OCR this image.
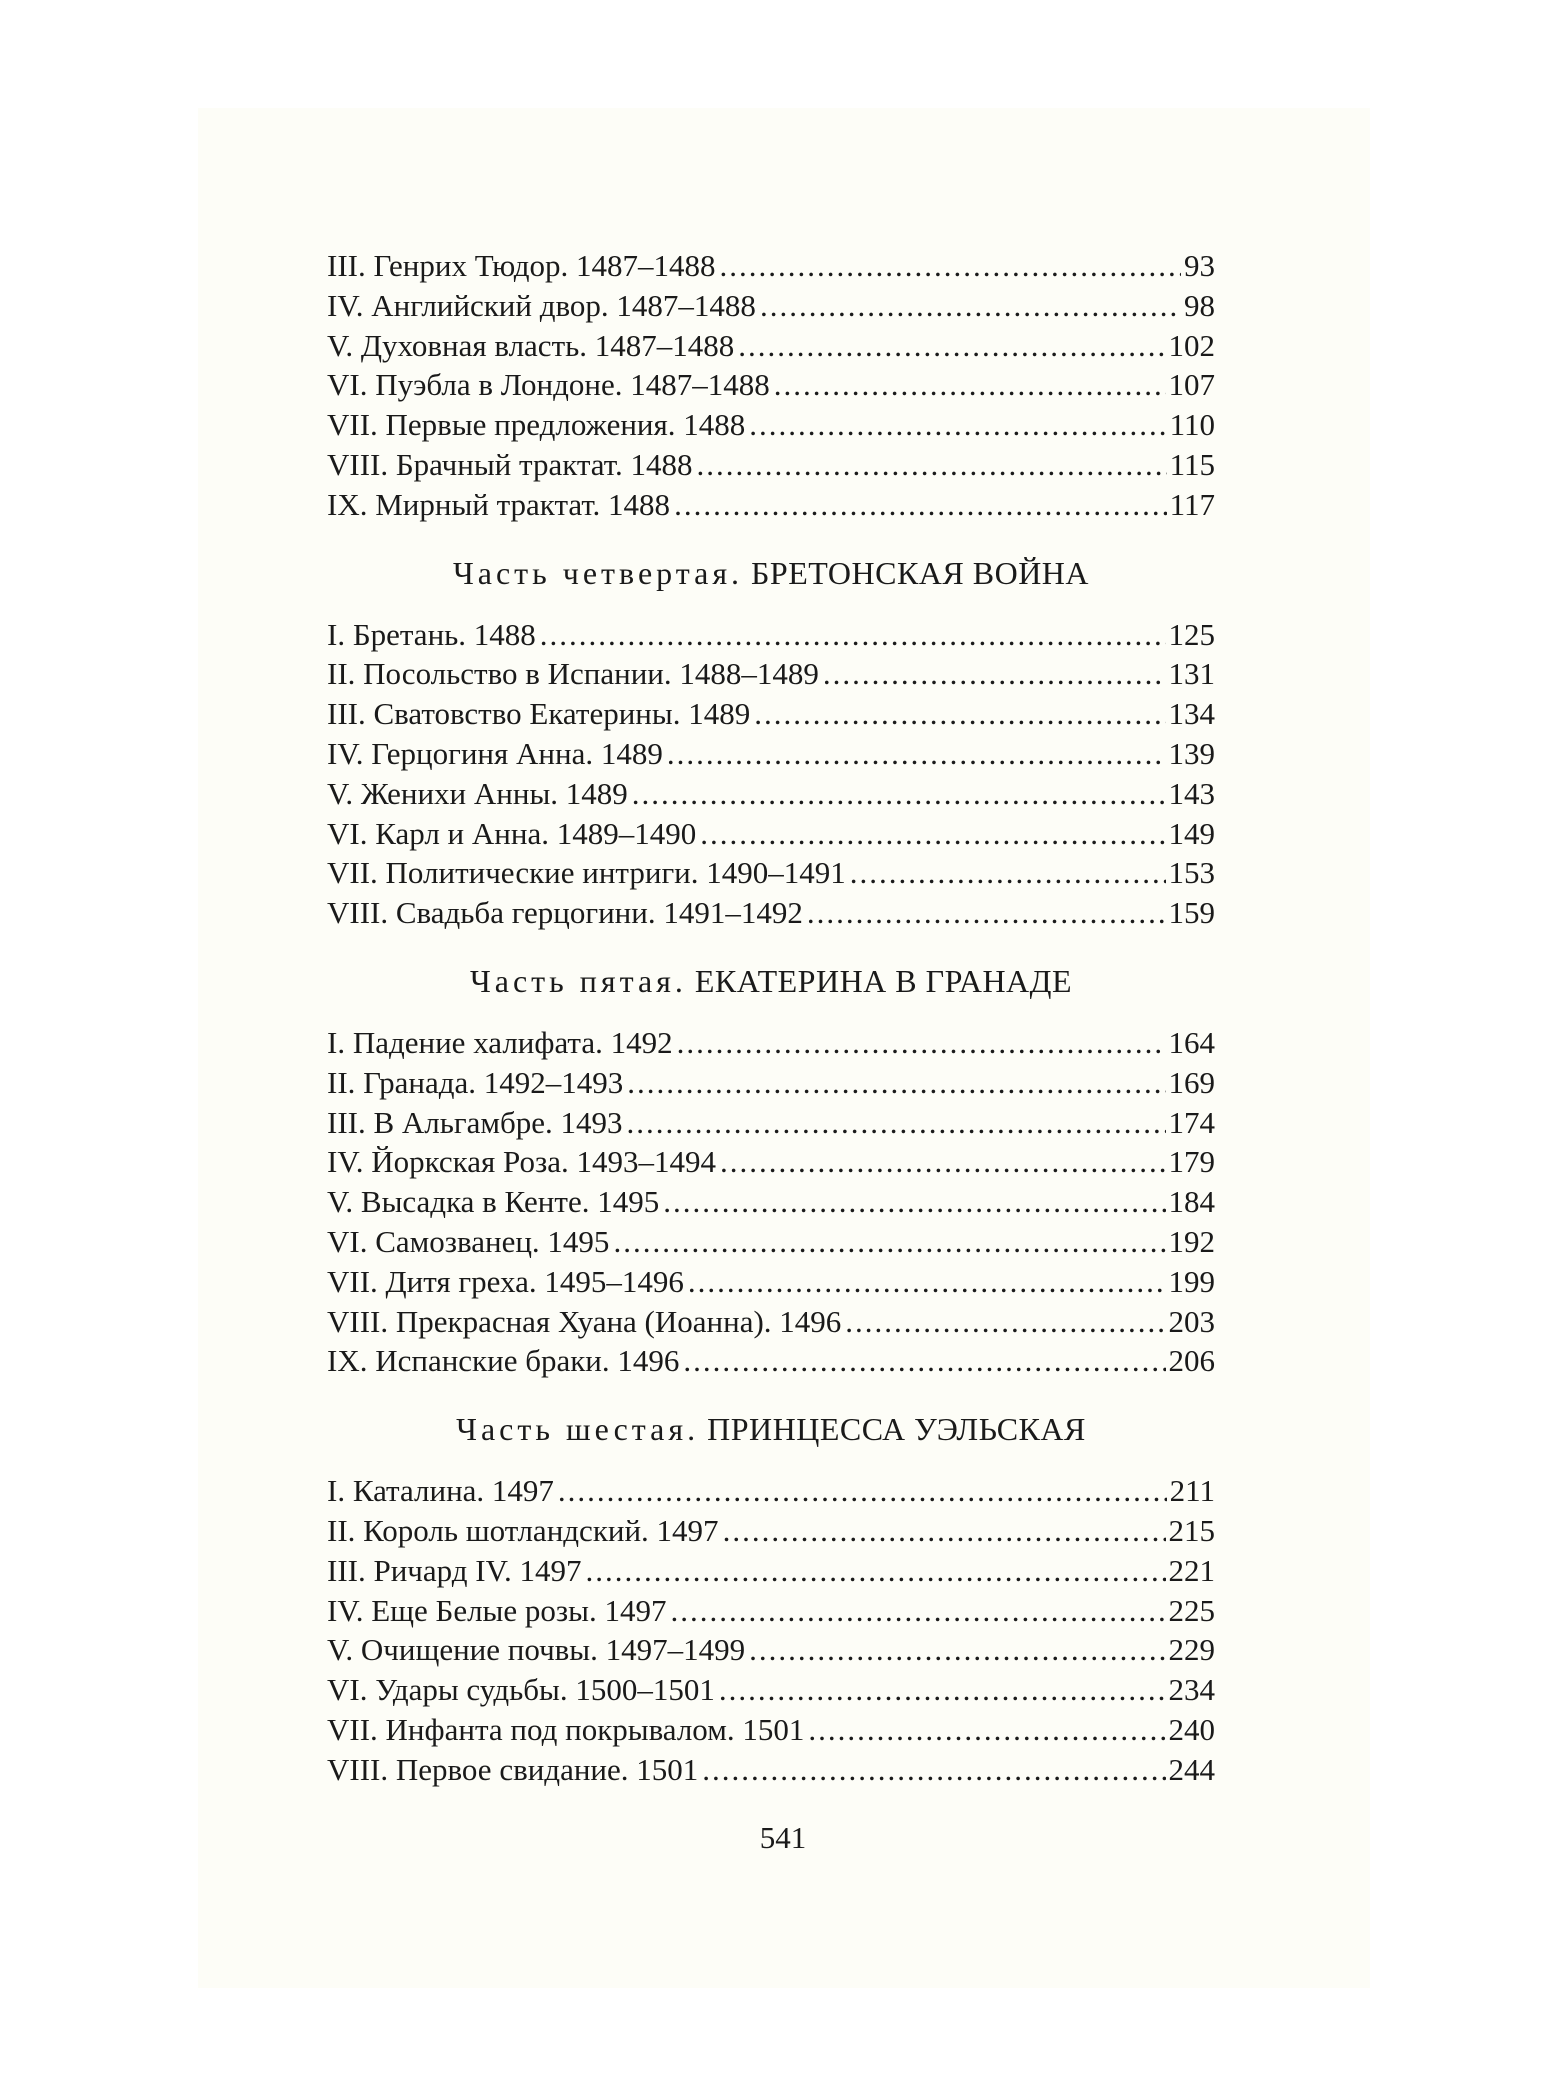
III. Генрих Тюдор. 1487–1488 .....	93
IV. Английский двор. 1487–1488 .....	98
V. Духовная власть. 1487–1488 .....	102
VI. Пуэбла в Лондоне. 1487–1488 .....	107
VII. Первые предложения. 1488 .....	110
VIII. Брачный трактат. 1488 .....	115
IX. Мирный трактат. 1488 .....	117
Часть четвертая. БРЕТОНСКАЯ ВОЙНА
I. Бретань. 1488 .....	125
II. Посольство в Испании. 1488–1489 .....	131
III. Сватовство Екатерины. 1489 .....	134
IV. Герцогиня Анна. 1489 .....	139
V. Женихи Анны. 1489 .....	143
VI. Карл и Анна. 1489–1490 .....	149
VII. Политические интриги. 1490–1491 .....	153
VIII. Свадьба герцогини. 1491–1492 .....	159
Часть пятая. ЕКАТЕРИНА В ГРАНАДЕ
I. Падение халифата. 1492 .....	164
II. Гранада. 1492–1493 .....	169
III. В Альгамбре. 1493 .....	174
IV. Йоркская Роза. 1493–1494 .....	179
V. Высадка в Кенте. 1495 .....	184
VI. Самозванец. 1495 .....	192
VII. Дитя греха. 1495–1496 .....	199
VIII. Прекрасная Хуана (Иоанна). 1496 .....	203
IX. Испанские браки. 1496 .....	206
Часть шестая. ПРИНЦЕССА УЭЛЬСКАЯ
I. Каталина. 1497 .....	211
II. Король шотландский. 1497 .....	215
III. Ричард IV. 1497 .....	221
IV. Еще Белые розы. 1497 .....	225
V. Очищение почвы. 1497–1499 .....	229
VI. Удары судьбы. 1500–1501 .....	234
VII. Инфанта под покрывалом. 1501 .....	240
VIII. Первое свидание. 1501 .....	244
541
